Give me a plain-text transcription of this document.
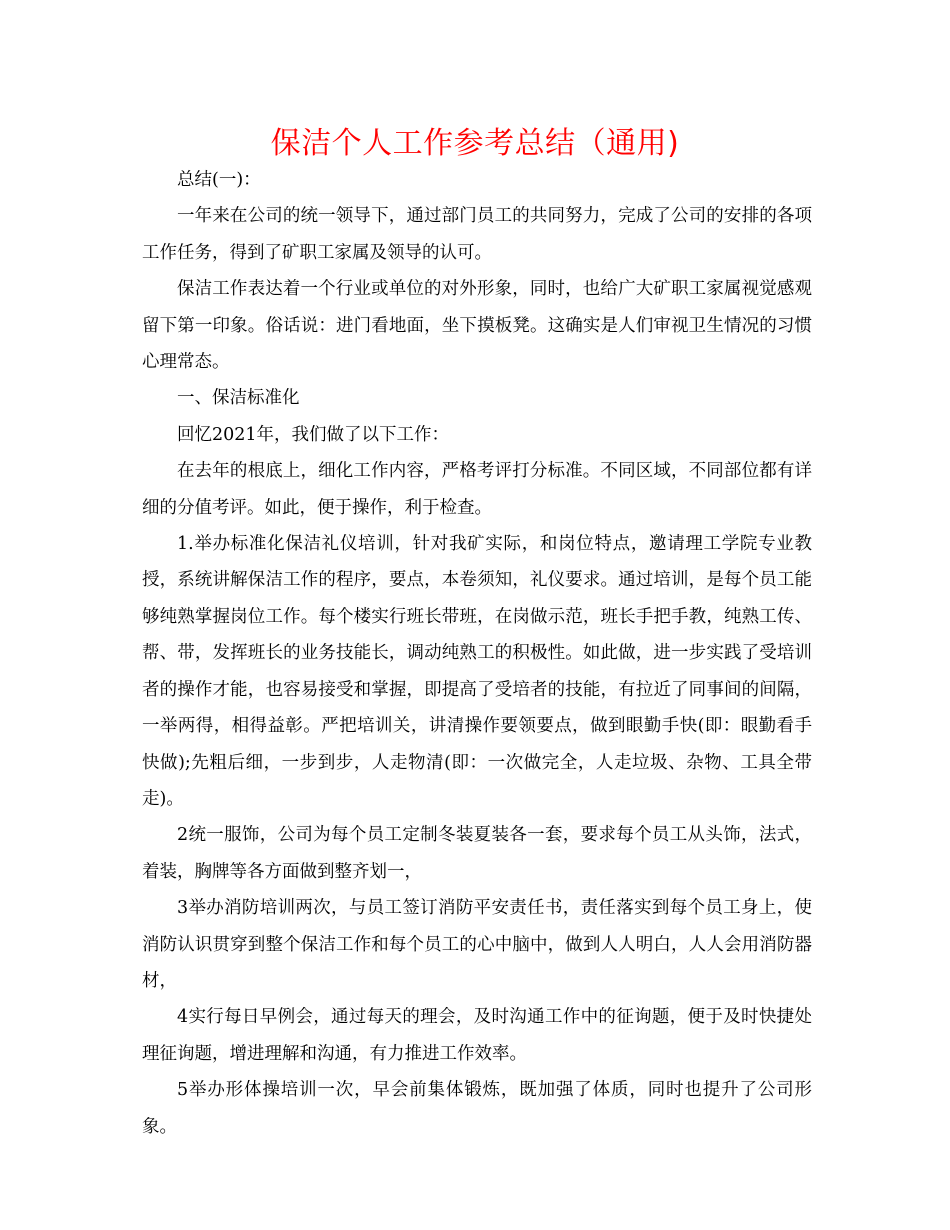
保洁个人工作参考总结（通用)

总结(一)：

一年来在公司的统一领导下，通过部门员工的共同努力，完成了公司的安排的各项工作任务，得到了矿职工家属及领导的认可。

保洁工作表达着一个行业或单位的对外形象，同时，也给广大矿职工家属视觉感观留下第一印象。俗话说：进门看地面，坐下摸板凳。这确实是人们审视卫生情况的习惯心理常态。

一、保洁标准化

回忆2021年，我们做了以下工作：

在去年的根底上，细化工作内容，严格考评打分标准。不同区域，不同部位都有详细的分值考评。如此，便于操作，利于检查。

1.举办标准化保洁礼仪培训，针对我矿实际，和岗位特点，邀请理工学院专业教授，系统讲解保洁工作的程序，要点，本卷须知，礼仪要求。通过培训，是每个员工能够纯熟掌握岗位工作。每个楼实行班长带班，在岗做示范，班长手把手教，纯熟工传、帮、带，发挥班长的业务技能长，调动纯熟工的积极性。如此做，进一步实践了受培训者的操作才能，也容易接受和掌握，即提高了受培者的技能，有拉近了同事间的间隔，一举两得，相得益彰。严把培训关，讲清操作要领要点，做到眼勤手快(即：眼勤看手快做);先粗后细，一步到步，人走物清(即：一次做完全，人走垃圾、杂物、工具全带走)。

2统一服饰，公司为每个员工定制冬装夏装各一套，要求每个员工从头饰，法式，着装，胸牌等各方面做到整齐划一，

3举办消防培训两次，与员工签订消防平安责任书，责任落实到每个员工身上，使消防认识贯穿到整个保洁工作和每个员工的心中脑中，做到人人明白，人人会用消防器材，

4实行每日早例会，通过每天的理会，及时沟通工作中的征询题，便于及时快捷处理征询题，增进理解和沟通，有力推进工作效率。

5举办形体操培训一次，早会前集体锻炼，既加强了体质，同时也提升了公司形象。
